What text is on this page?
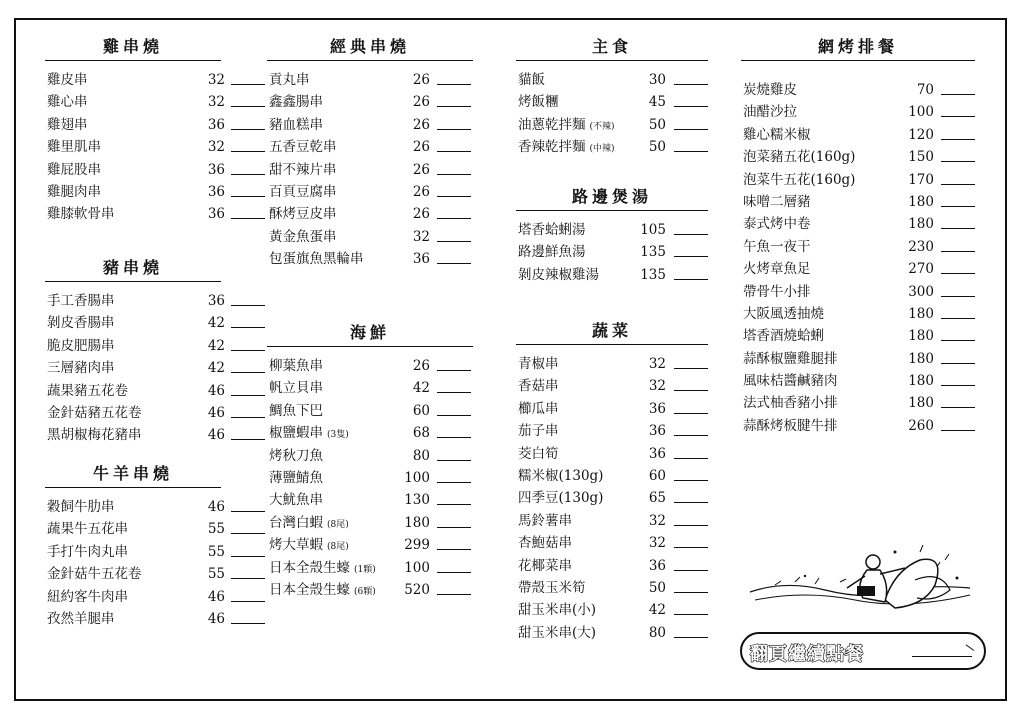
雞串燒
雞皮串	32
雞心串	32
雞翅串	36
雞里肌串	32
雞屁股串	36
雞腿肉串	36
雞膝軟骨串	36
豬串燒
手工香腸串	36
剝皮香腸串	42
脆皮肥腸串	42
三層豬肉串	42
蔬果豬五花卷	46
金針菇豬五花卷	46
黑胡椒梅花豬串	46
牛羊串燒
穀飼牛肋串	46
蔬果牛五花串	55
手打牛肉丸串	55
金針菇牛五花卷	55
紐約客牛肉串	46
孜然羊腿串	46
經典串燒
貢丸串	26
鑫鑫腸串	26
豬血糕串	26
五香豆乾串	26
甜不辣片串	26
百頁豆腐串	26
酥烤豆皮串	26
黃金魚蛋串	32
包蛋旗魚黑輪串	36
海鮮
柳葉魚串	26
帆立貝串	42
鯛魚下巴	60
椒鹽蝦串 (3隻)	68
烤秋刀魚	80
薄鹽鯖魚	100
大魷魚串	130
台灣白蝦 (8尾)	180
烤大草蝦 (8尾)	299
日本全殼生蠔 (1顆) 100
日本全殼生蠔 (6顆) 520
主食
貓飯	30
烤飯糰	45
油蔥乾拌麵 (不辣)	50
香辣乾拌麵 (中辣)	50
路邊煲湯
塔香蛤蜊湯	105
路邊鮮魚湯	135
剝皮辣椒雞湯	135
蔬菜
青椒串	32
香菇串	32
櫛瓜串	36
茄子串	36
茭白筍	36
糯米椒(130g)	60
四季豆(130g)	65
馬鈴薯串	32
杏鮑菇串	32
花椰菜串	36
帶殼玉米筍	50
甜玉米串(小)	42
甜玉米串(大)	80
網烤排餐
炭燒雞皮	70
油醋沙拉	100
雞心糯米椒	120
泡菜豬五花(160g)	150
泡菜牛五花(160g)	170
味噌二層豬	180
泰式烤中卷	180
午魚一夜干	230
火烤章魚足	270
帶骨牛小排	300
大阪風透抽燒	180
塔香酒燒蛤蜊	180
蒜酥椒鹽雞腿排	180
風味桔醬鹹豬肉	180
法式柚香豬小排	180
蒜酥烤板腱牛排	260
翻頁繼續點餐
